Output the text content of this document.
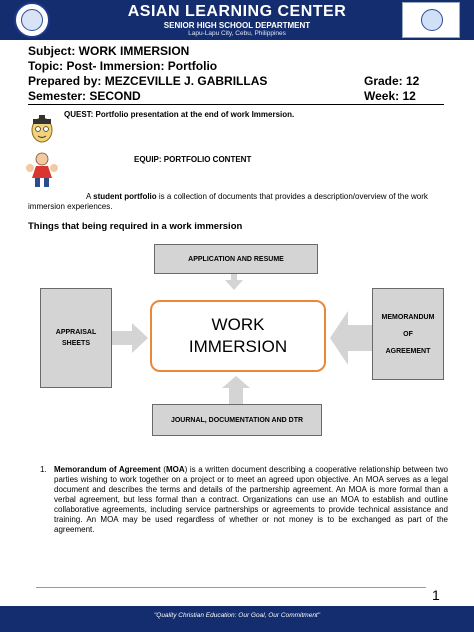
ASIAN LEARNING CENTER
SENIOR HIGH SCHOOL DEPARTMENT
Lapu-Lapu City, Cebu, Philippines
Subject: WORK IMMERSION
Topic: Post- Immersion: Portfolio
Prepared by: MEZCEVILLE J. GABRILLAS
Semester: SECOND
Grade: 12
Week: 12
QUEST: Portfolio presentation at the end of work Immersion.
EQUIP: PORTFOLIO CONTENT
A student portfolio is a collection of documents that provides a description/overview of the work immersion experiences.
Things that being required in a work immersion
APPLICATION AND RESUME
APPRAISAL
SHEETS
MEMORANDUM
OF
AGREEMENT
WORK
IMMERSION
JOURNAL, DOCUMENTATION AND DTR
1. Memorandum of Agreement (MOA) is a written document describing a cooperative relationship between two parties wishing to work together on a project or to meet an agreed upon objective. An MOA serves as a legal document and describes the terms and details of the partnership agreement. An MOA is more formal than a verbal agreement, but less formal than a contract. Organizations can use an MOA to establish and outline collaborative agreements, including service partnerships or agreements to provide technical assistance and training. An MOA may be used regardless of whether or not money is to be exchanged as part of the agreement.
1
"Quality Christian Education: Our Goal, Our Commitment"
